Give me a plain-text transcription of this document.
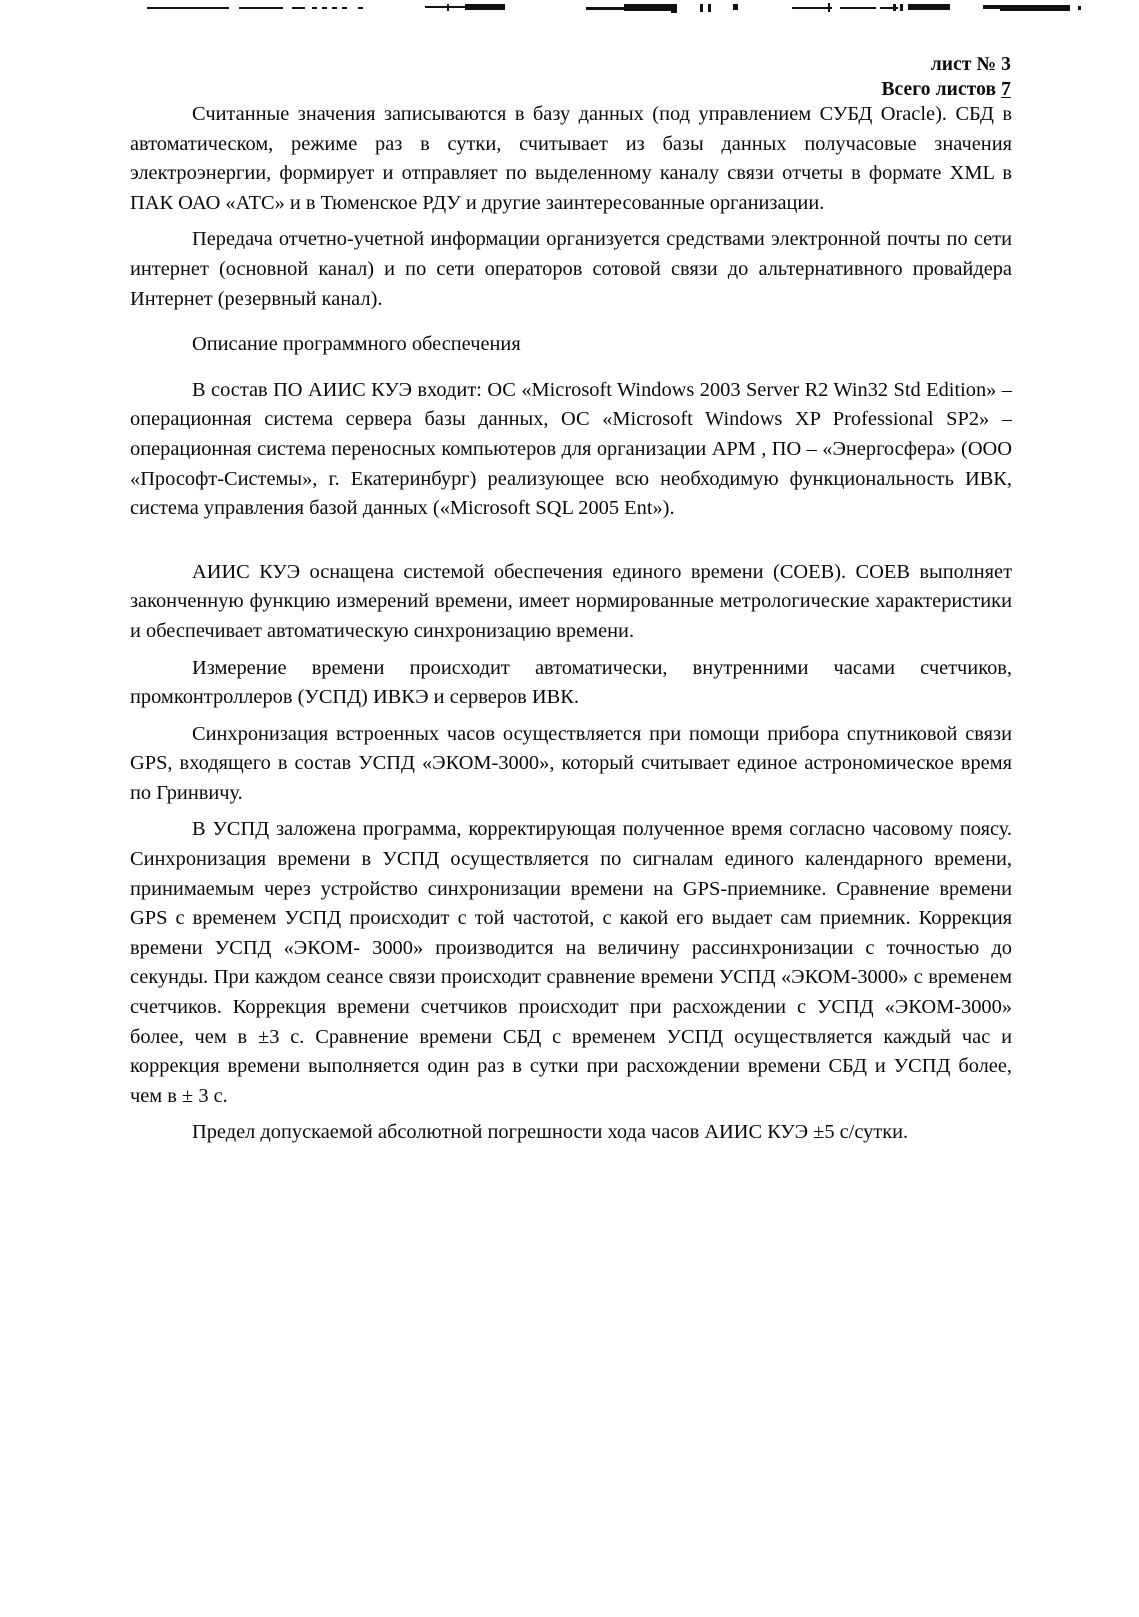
лист № 3
Всего листов 7

Считанные значения записываются в базу данных (под управлением СУБД Oracle). СБД в автоматическом, режиме раз в сутки, считывает из базы данных получасовые значения электроэнергии, формирует и отправляет по выделенному каналу связи отчеты в формате XML в ПАК ОАО «АТС» и в Тюменское РДУ и другие заинтересованные организации.

Передача отчетно-учетной информации организуется средствами электронной почты по сети интернет (основной канал) и по сети операторов сотовой связи до альтернативного провайдера Интернет (резервный канал).

Описание программного обеспечения

В состав ПО АИИС КУЭ входит: ОС «Microsoft Windows 2003 Server R2 Win32 Std Edition» – операционная система сервера базы данных, ОС «Microsoft Windows XP Professional SP2» – операционная система переносных компьютеров для организации АРМ , ПО – «Энергосфера» (ООО «Прософт-Системы», г. Екатеринбург) реализующее всю необходимую функциональность ИВК, система управления базой данных («Microsoft SQL 2005 Ent»).

АИИС КУЭ оснащена системой обеспечения единого времени (СОЕВ). СОЕВ выполняет законченную функцию измерений времени, имеет нормированные метрологические характеристики и обеспечивает автоматическую синхронизацию времени.

Измерение времени происходит автоматически, внутренними часами счетчиков, промконтроллеров (УСПД) ИВКЭ и серверов ИВК.

Синхронизация встроенных часов осуществляется при помощи прибора спутниковой связи GPS, входящего в состав УСПД «ЭКОМ-3000», который считывает единое астрономическое время по Гринвичу.

В УСПД заложена программа, корректирующая полученное время согласно часовому поясу. Синхронизация времени в УСПД осуществляется по сигналам единого календарного времени, принимаемым через устройство синхронизации времени на GPS-приемнике. Сравнение времени GPS с временем УСПД происходит с той частотой, с какой его выдает сам приемник. Коррекция времени УСПД «ЭКОМ- 3000» производится на величину рассинхронизации с точностью до секунды. При каждом сеансе связи происходит сравнение времени УСПД «ЭКОМ-3000» с временем счетчиков. Коррекция времени счетчиков происходит при расхождении с УСПД «ЭКОМ-3000» более, чем в ±3 с. Сравнение времени СБД с временем УСПД осуществляется каждый час и коррекция времени выполняется один раз в сутки при расхождении времени СБД и УСПД более, чем в ± 3 с.

Предел допускаемой абсолютной погрешности хода часов АИИС КУЭ ±5 с/сутки.
